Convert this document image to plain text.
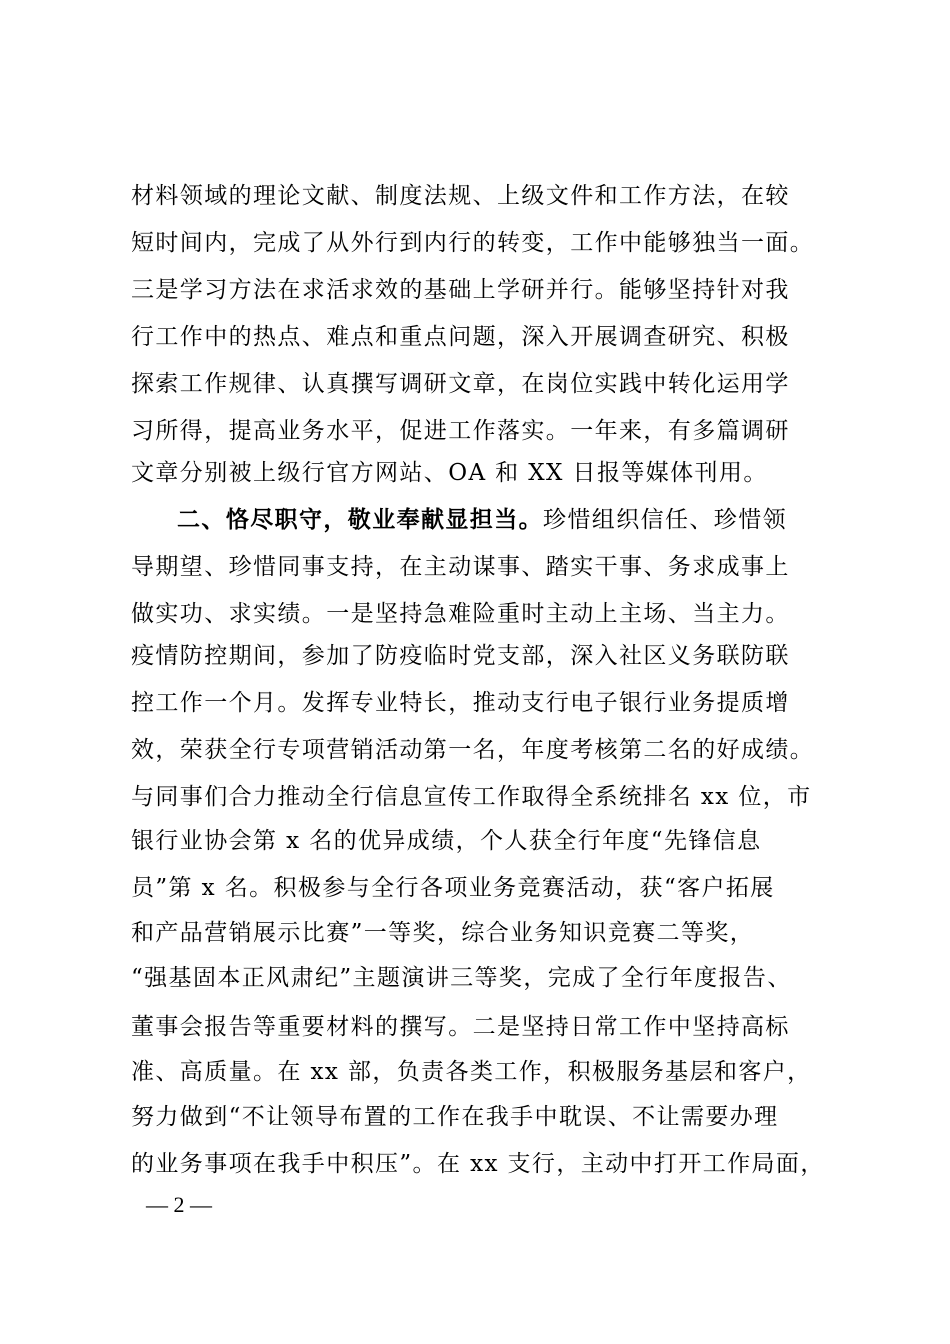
材料领域的理论文献、制度法规、上级文件和工作方法，在较
短时间内，完成了从外行到内行的转变，工作中能够独当一面。
三是学习方法在求活求效的基础上学研并行。能够坚持针对我
行工作中的热点、难点和重点问题，深入开展调查研究、积极
探索工作规律、认真撰写调研文章，在岗位实践中转化运用学
习所得，提高业务水平，促进工作落实。一年来，有多篇调研
文章分别被上级行官方网站、OA 和 XX 日报等媒体刊用。
二、恪尽职守，敬业奉献显担当。珍惜组织信任、珍惜领
导期望、珍惜同事支持，在主动谋事、踏实干事、务求成事上
做实功、求实绩。一是坚持急难险重时主动上主场、当主力。
疫情防控期间，参加了防疫临时党支部，深入社区义务联防联
控工作一个月。发挥专业特长，推动支行电子银行业务提质增
效，荣获全行专项营销活动第一名，年度考核第二名的好成绩。
与同事们合力推动全行信息宣传工作取得全系统排名 xx 位，市
银行业协会第 x 名的优异成绩，个人获全行年度“先锋信息
员”第 x 名。积极参与全行各项业务竞赛活动，获“客户拓展
和产品营销展示比赛”一等奖，综合业务知识竞赛二等奖，
“强基固本正风肃纪”主题演讲三等奖，完成了全行年度报告、
董事会报告等重要材料的撰写。二是坚持日常工作中坚持高标
准、高质量。在 xx 部，负责各类工作，积极服务基层和客户，
努力做到“不让领导布置的工作在我手中耽误、不让需要办理
的业务事项在我手中积压”。在 xx 支行，主动中打开工作局面，
— 2 —
